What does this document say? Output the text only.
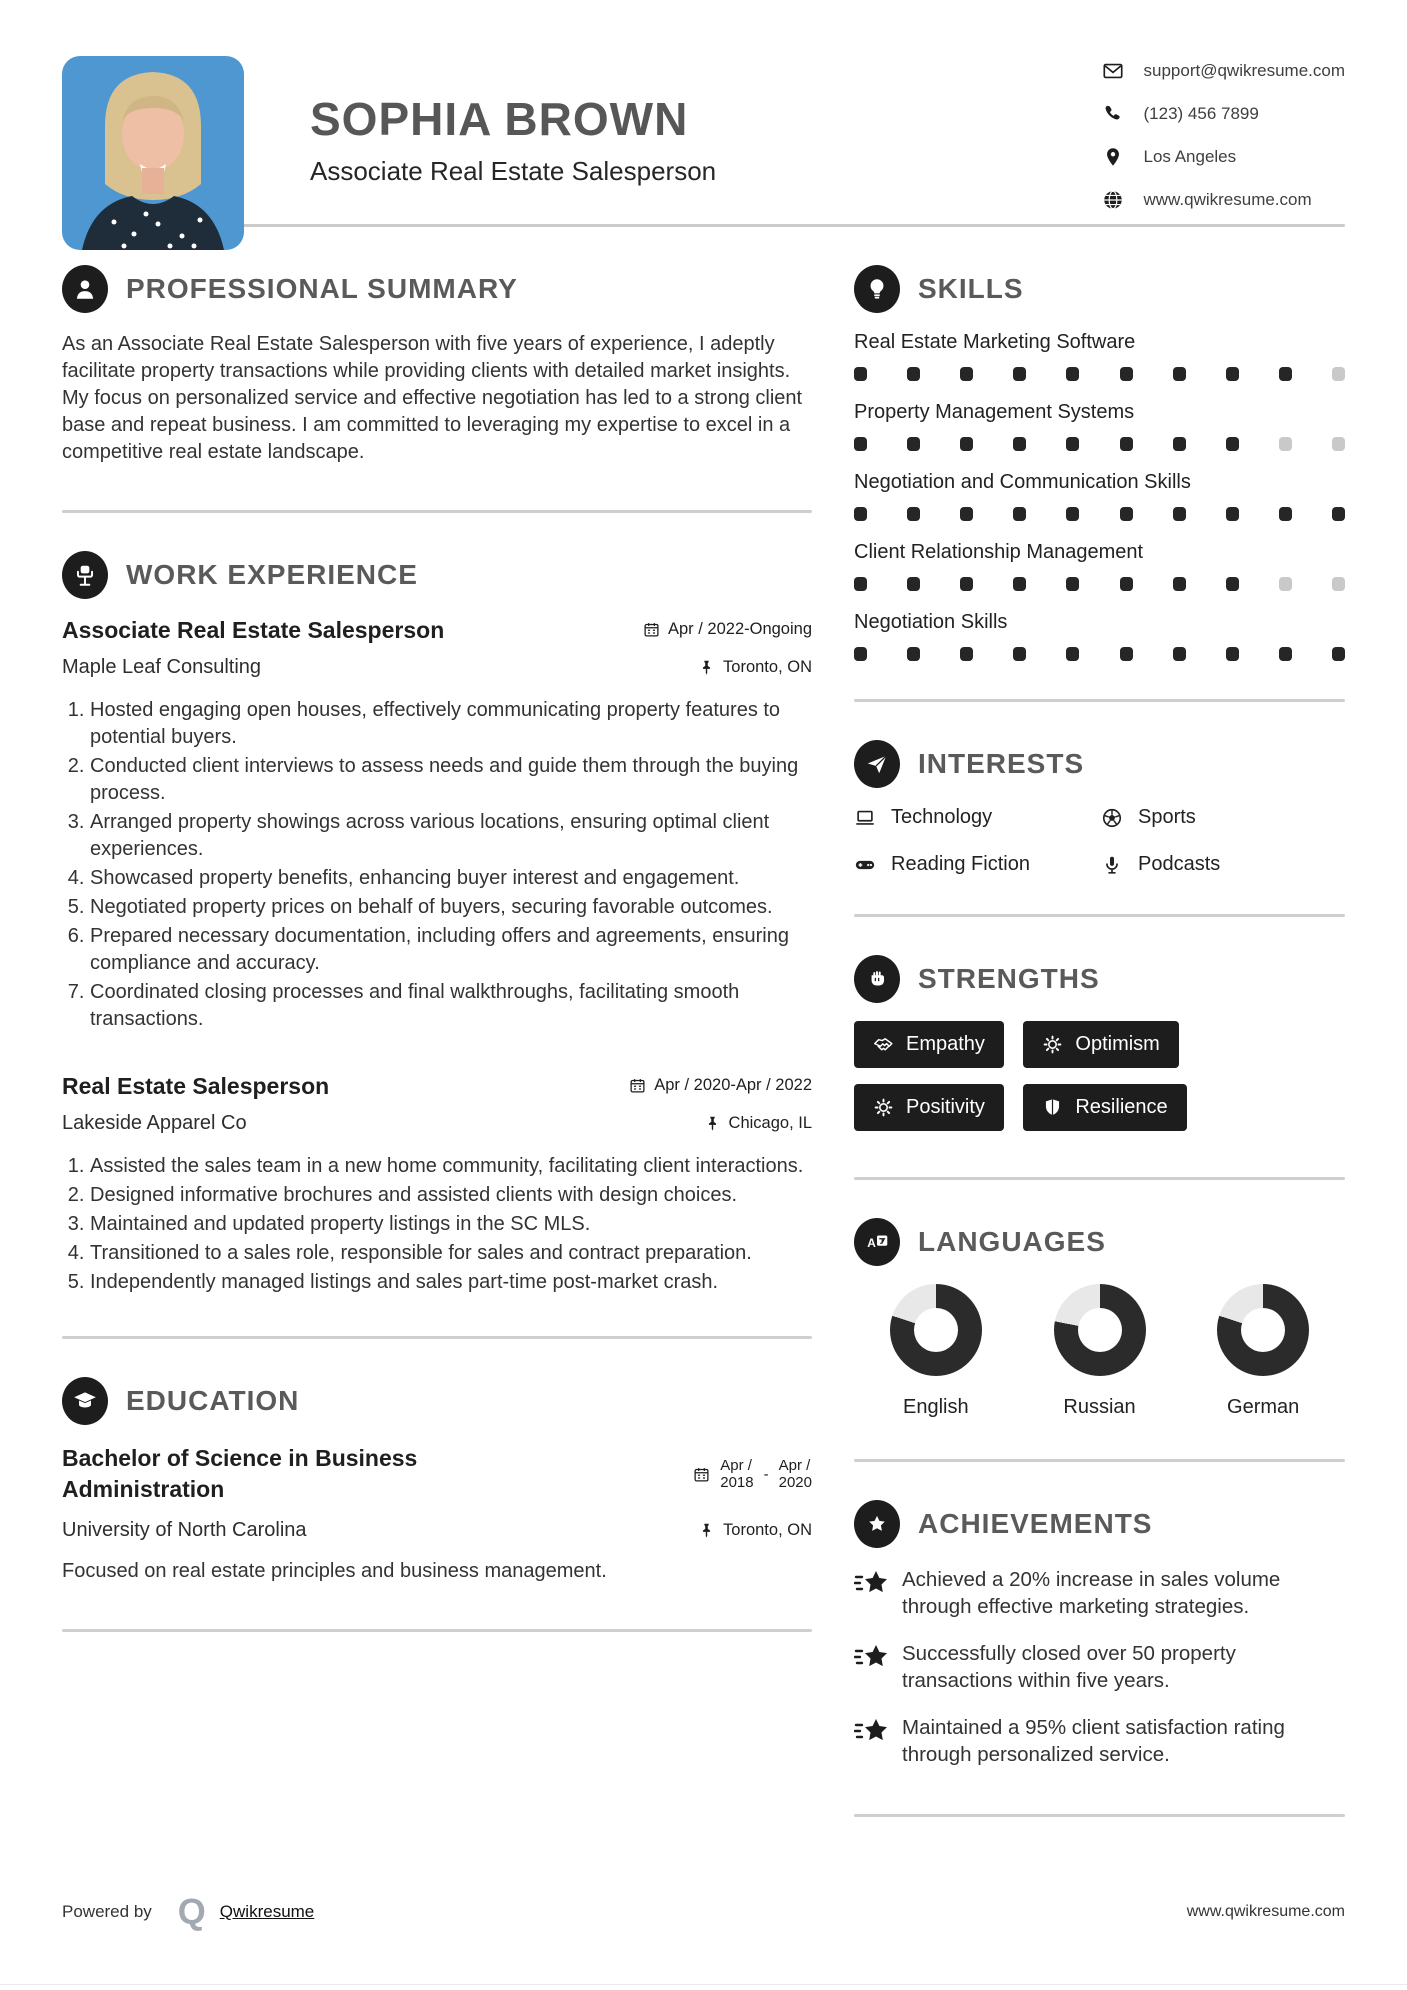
SOPHIA BROWN
Associate Real Estate Salesperson
support@qwikresume.com
(123) 456 7899
Los Angeles
www.qwikresume.com
PROFESSIONAL SUMMARY

As an Associate Real Estate Salesperson with five years of experience, I adeptly facilitate property transactions while providing clients with detailed market insights. My focus on personalized service and effective negotiation has led to a strong client base and repeat business. I am committed to leveraging my expertise to excel in a competitive real estate landscape.

WORK EXPERIENCE
Associate Real Estate Salesperson	Apr / 2022-Ongoing
Maple Leaf Consulting	Toronto, ON
1. Hosted engaging open houses, effectively communicating property features to potential buyers.
2. Conducted client interviews to assess needs and guide them through the buying process.
3. Arranged property showings across various locations, ensuring optimal client experiences.
4. Showcased property benefits, enhancing buyer interest and engagement.
5. Negotiated property prices on behalf of buyers, securing favorable outcomes.
6. Prepared necessary documentation, including offers and agreements, ensuring compliance and accuracy.
7. Coordinated closing processes and final walkthroughs, facilitating smooth transactions.
Real Estate Salesperson	Apr / 2020-Apr / 2022
Lakeside Apparel Co	Chicago, IL
1. Assisted the sales team in a new home community, facilitating client interactions.
2. Designed informative brochures and assisted clients with design choices.
3. Maintained and updated property listings in the SC MLS.
4. Transitioned to a sales role, responsible for sales and contract preparation.
5. Independently managed listings and sales part-time post-market crash.
EDUCATION
Bachelor of Science in Business Administration
Apr /
2018 - Apr /
2020
University of North Carolina	Toronto, ON

Focused on real estate principles and business management.

SKILLS
Real Estate Marketing Software
Property Management Systems
Negotiation and Communication Skills
Client Relationship Management
Negotiation Skills
INTERESTS
Technology	Sports
Reading Fiction	Podcasts
STRENGTHS
Empathy
	Optimism

Positivity
	Resilience
A LANGUAGES
English	Russian	German
ACHIEVEMENTS

Achieved a 20% increase in sales volume through effective marketing strategies.

Successfully closed over 50 property transactions within five years.

Maintained a 95% client satisfaction rating through personalized service.

Powered by Q Qwikresume	www.qwikresume.com
